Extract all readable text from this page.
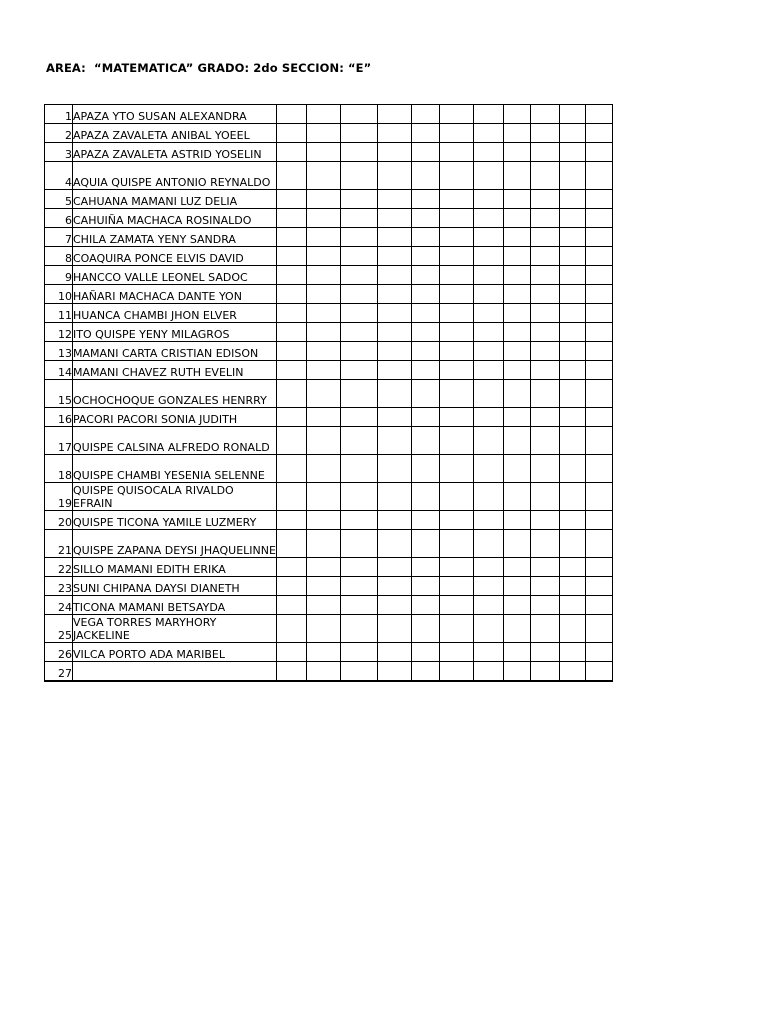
AREA:  “MATEMATICA” GRADO: 2do SECCION: “E”
1	APAZA YTO SUSAN ALEXANDRA											
2	APAZA ZAVALETA ANIBAL YOEEL											
3	APAZA ZAVALETA ASTRID YOSELIN											
4	AQUIA QUISPE ANTONIO REYNALDO											
5	CAHUANA MAMANI LUZ DELIA											
6	CAHUIÑA MACHACA ROSINALDO											
7	CHILA ZAMATA YENY SANDRA											
8	COAQUIRA PONCE ELVIS DAVID											
9	HANCCO VALLE LEONEL SADOC											
10	HAÑARI MACHACA DANTE YON											
11	HUANCA CHAMBI JHON ELVER											
12	ITO QUISPE YENY MILAGROS											
13	MAMANI CARTA CRISTIAN EDISON											
14	MAMANI CHAVEZ RUTH EVELIN											
15	OCHOCHOQUE GONZALES HENRRY											
16	PACORI PACORI SONIA JUDITH											
17	QUISPE CALSINA ALFREDO RONALD											
18	QUISPE CHAMBI YESENIA SELENNE											
19	QUISPE QUISOCALA RIVALDO EFRAIN											
20	QUISPE TICONA YAMILE LUZMERY											
21	QUISPE ZAPANA DEYSI JHAQUELINNE											
22	SILLO MAMANI EDITH ERIKA											
23	SUNI CHIPANA DAYSI DIANETH											
24	TICONA MAMANI BETSAYDA											
25	VEGA TORRES MARYHORY JACKELINE											
26	VILCA PORTO ADA MARIBEL											
27												
